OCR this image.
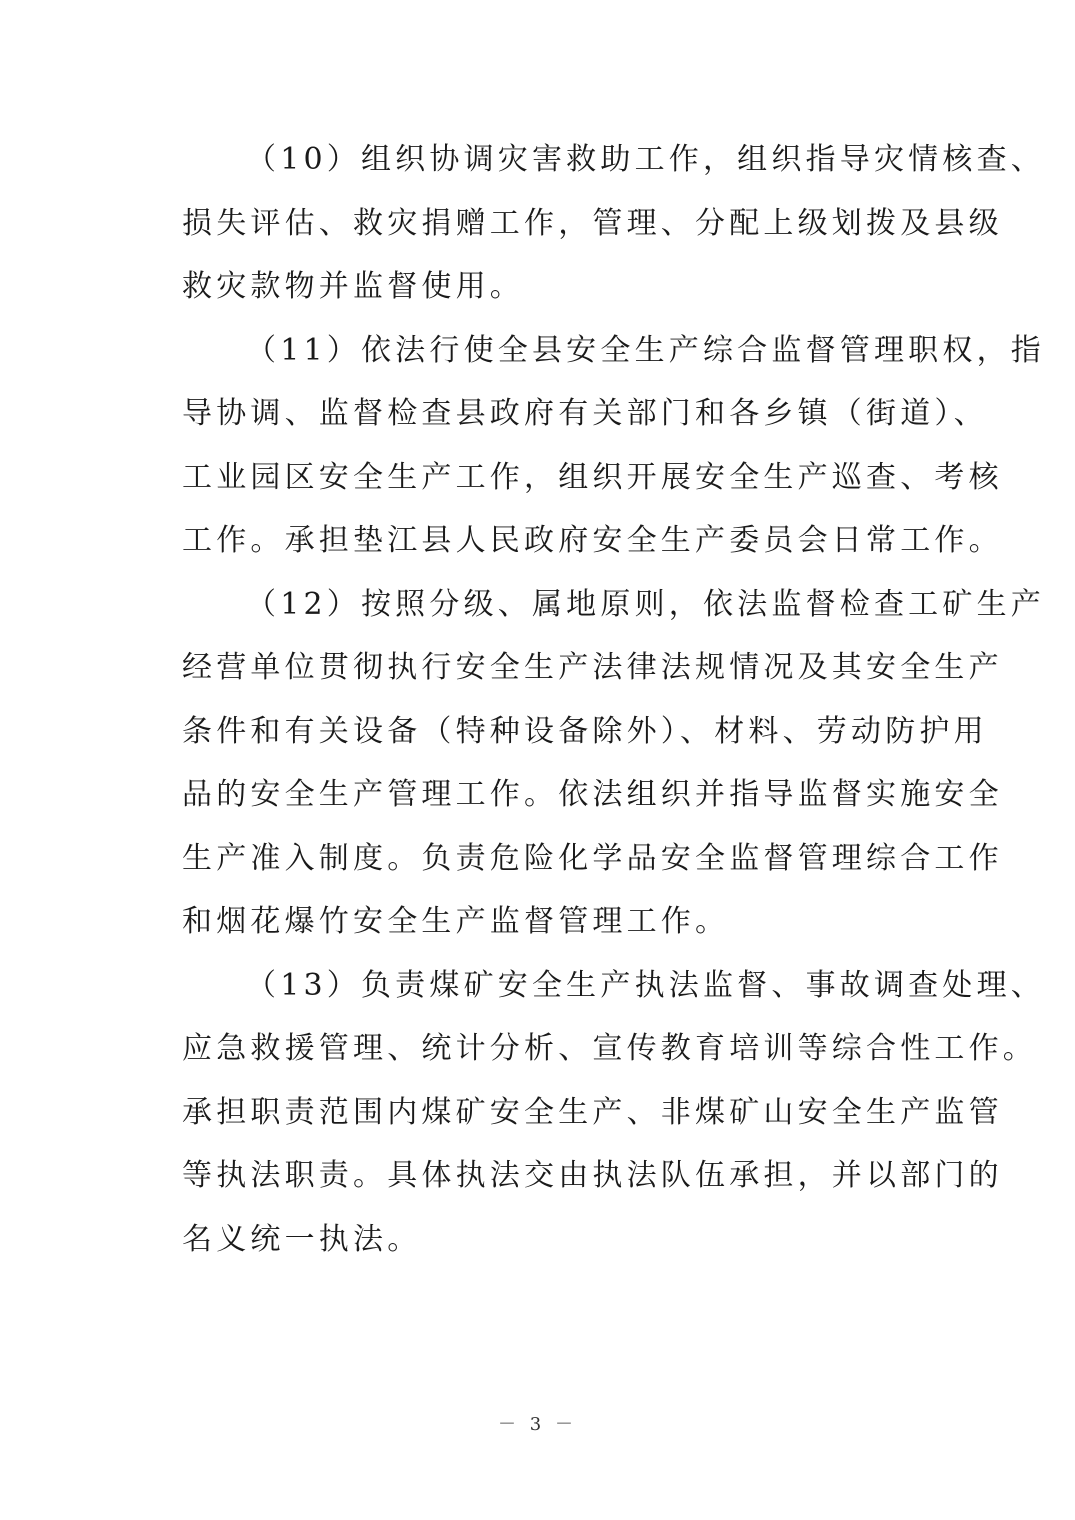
（10）组织协调灾害救助工作，组织指导灾情核查、
损失评估、救灾捐赠工作，管理、分配上级划拨及县级
救灾款物并监督使用。
（11）依法行使全县安全生产综合监督管理职权，指
导协调、监督检查县政府有关部门和各乡镇（街道）、
工业园区安全生产工作，组织开展安全生产巡查、考核
工作。承担垫江县人民政府安全生产委员会日常工作。
（12）按照分级、属地原则，依法监督检查工矿生产
经营单位贯彻执行安全生产法律法规情况及其安全生产
条件和有关设备（特种设备除外）、材料、劳动防护用
品的安全生产管理工作。依法组织并指导监督实施安全
生产准入制度。负责危险化学品安全监督管理综合工作
和烟花爆竹安全生产监督管理工作。
（13）负责煤矿安全生产执法监督、事故调查处理、
应急救援管理、统计分析、宣传教育培训等综合性工作。
承担职责范围内煤矿安全生产、非煤矿山安全生产监管
等执法职责。具体执法交由执法队伍承担，并以部门的
名义统一执法。
－ 3 －
